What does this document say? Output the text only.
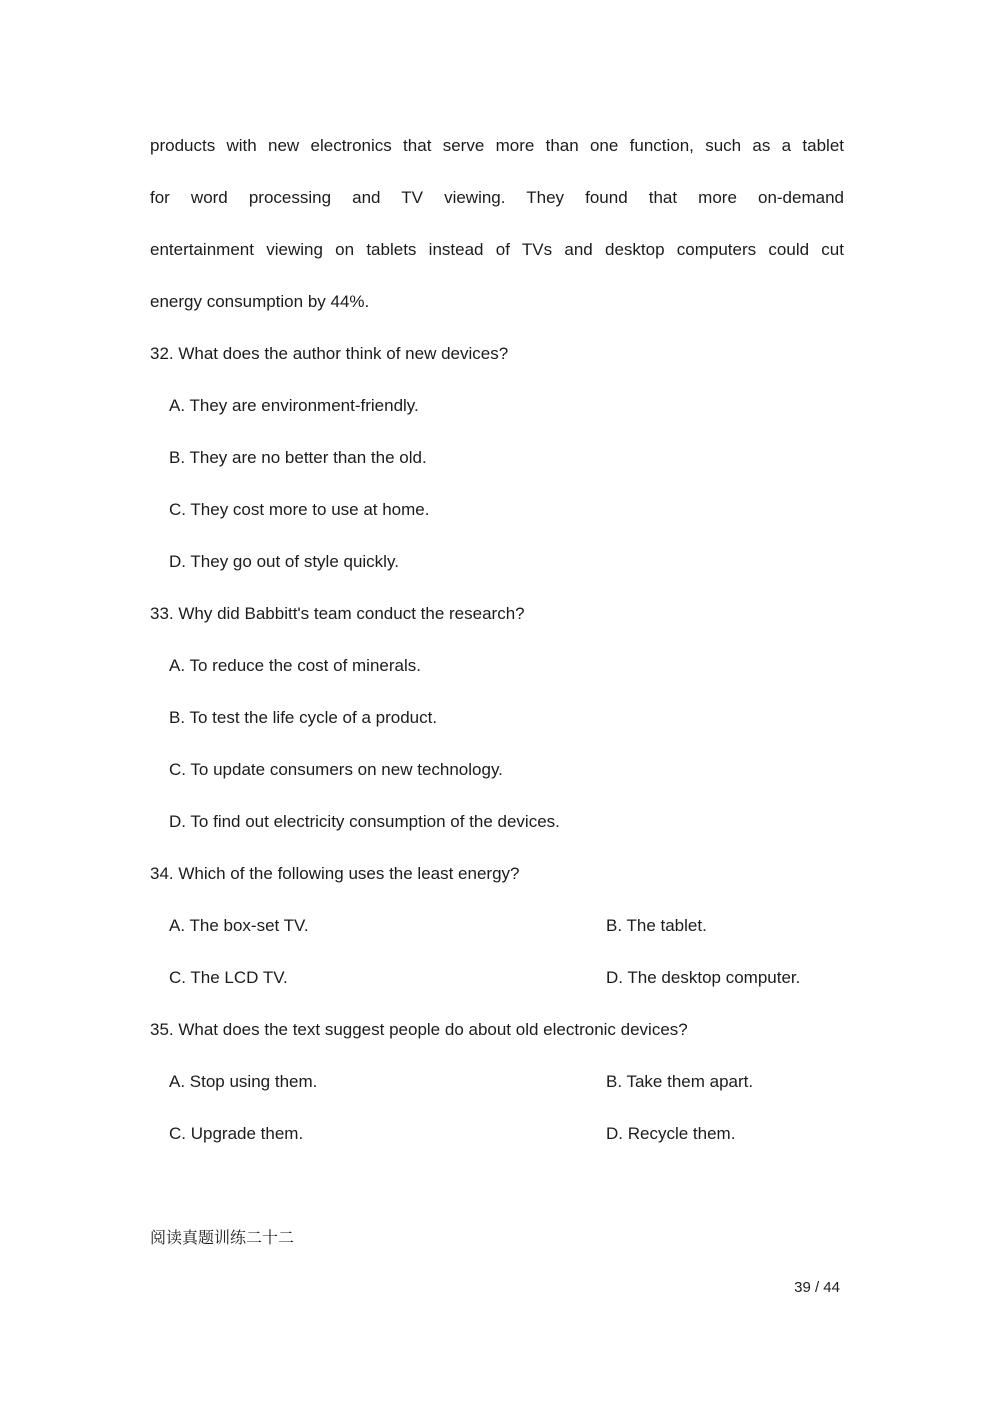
products with new electronics that serve more than one function, such as a tablet
for word processing and TV viewing. They found that more on-demand
entertainment viewing on tablets instead of TVs and desktop computers could cut
energy consumption by 44%.
32. What does the author think of new devices?
A. They are environment-friendly.
B. They are no better than the old.
C. They cost more to use at home.
D. They go out of style quickly.
33. Why did Babbitt's team conduct the research?
A. To reduce the cost of minerals.
B. To test the life cycle of a product.
C. To update consumers on new technology.
D. To find out electricity consumption of the devices.
34. Which of the following uses the least energy?
A. The box-set TV.	B. The tablet.
C. The LCD TV.	D. The desktop computer.
35. What does the text suggest people do about old electronic devices?
A. Stop using them.	B. Take them apart.
C. Upgrade them.	D. Recycle them.
阅读真题训练二十二
39 / 44
